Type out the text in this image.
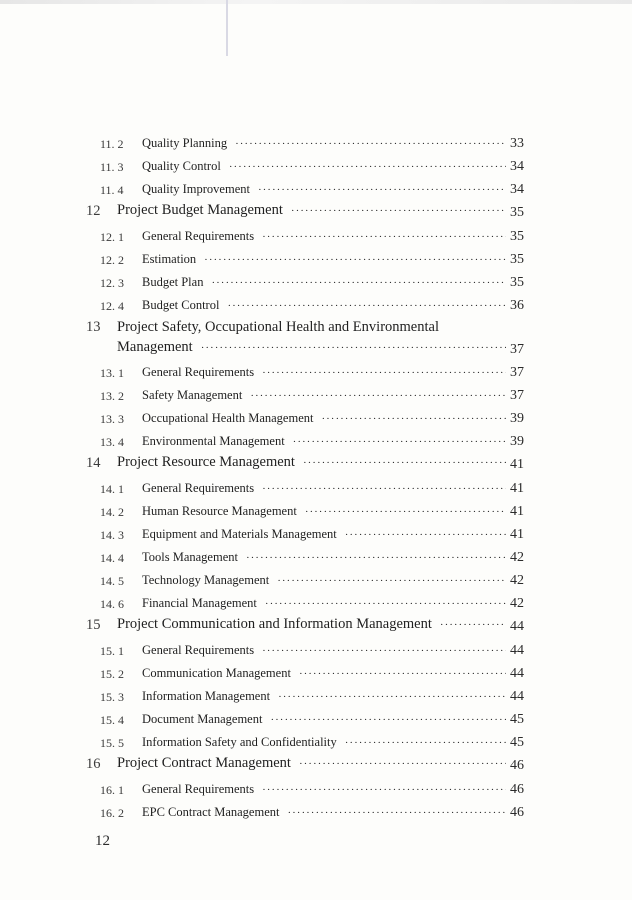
11. 2 Quality Planning ·····	33
11. 3 Quality Control ·····	34
11. 4 Quality Improvement ·····	34
12 Project Budget Management ·····	35
12. 1 General Requirements ·····	35
12. 2 Estimation ·····	35
12. 3 Budget Plan ·····	35
12. 4 Budget Control ·····	36
13 Project Safety, Occupational Health and Environmental
Management ·····	37
13. 1 General Requirements ·····	37
13. 2 Safety Management ·····	37
13. 3 Occupational Health Management ·····	39
13. 4 Environmental Management ·····	39
14 Project Resource Management ·····	41
14. 1 General Requirements ·····	41
14. 2 Human Resource Management ·····	41
14. 3 Equipment and Materials Management ·····	41
14. 4 Tools Management ·····	42
14. 5 Technology Management ·····	42
14. 6 Financial Management ·····	42
15 Project Communication and Information Management ·····	44
15. 1 General Requirements ·····	44
15. 2 Communication Management ·····	44
15. 3 Information Management ·····	44
15. 4 Document Management ·····	45
15. 5 Information Safety and Confidentiality ·····	45
16 Project Contract Management ·····	46
16. 1 General Requirements ·····	46
16. 2 EPC Contract Management ·····	46
12
